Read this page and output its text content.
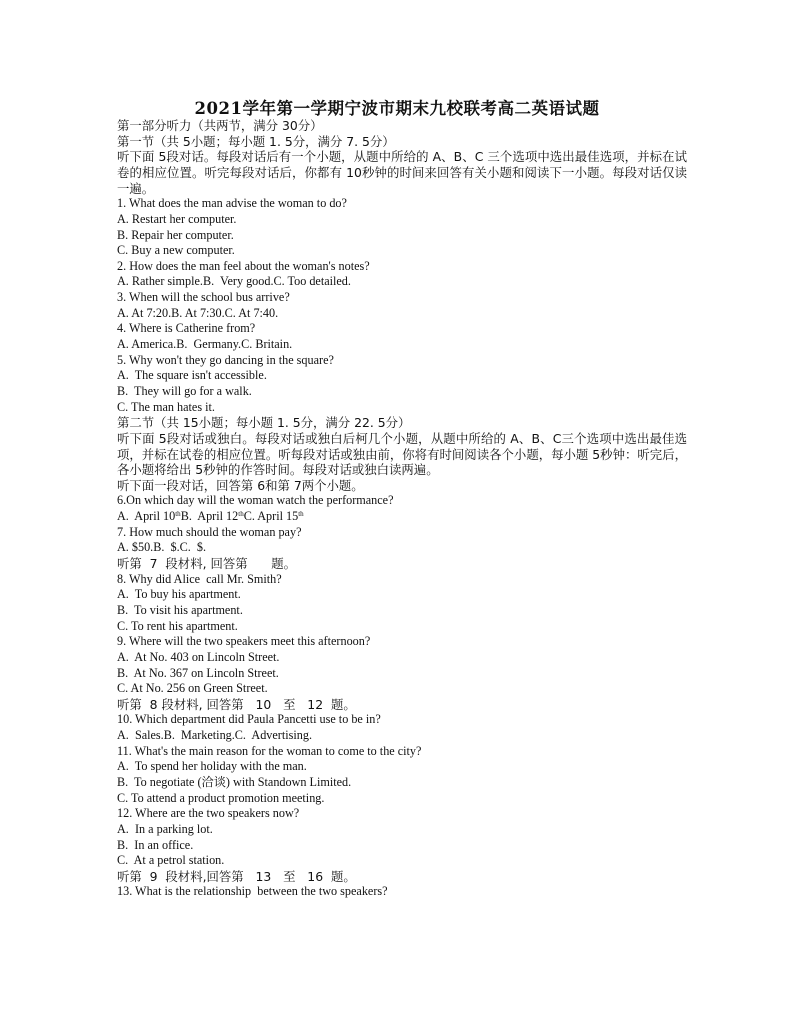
2021学年第一学期宁波市期末九校联考高二英语试题
第一部分听力（共两节，满分 30分）
第一节（共 5小题；每小题 1. 5分，满分 7. 5分）
听下面 5段对话。每段对话后有一个小题，从题中所给的 A、B、C 三个选项中选出最佳选项，并标在试卷的相应位置。听完每段对话后，你都有 10秒钟的时间来回答有关小题和阅读下一小题。每段对话仅读一遍。
1. What does the man advise the woman to do?
A. Restart her computer.
B. Repair her computer.
C. Buy a new computer.
2. How does the man feel about the woman's notes?
A. Rather simple.B.  Very good.C. Too detailed.
3. When will the school bus arrive?
A. At 7:20.B. At 7:30.C. At 7:40.
4. Where is Catherine from?
A. America.B.  Germany.C. Britain.
5. Why won't they go dancing in the square?
A.  The square isn't accessible.
B.  They will go for a walk.
C. The man hates it.
第二节（共 15小题；每小题 1. 5分，满分 22. 5分）
听下面 5段对话或独白。每段对话或独白后柯几个小题，从题中所给的 A、B、C三个选项中选出最佳选项，并标在试卷的相应位置。听每段对话或独由前，你将有时间阅读各个小题，每小题 5秒钟：听完后， 各小题将给出 5秒钟的作答时间。每段对话或独白读两遍。
听下面一段对话，回答第 6和第 7两个小题。
6.On which day will the woman watch the performance?
A.  April 10thB.  April 12thC. April 15th
7. How much should the woman pay?
A. $50.B.  $.C.  $.
听第  7  段材料, 回答第      题。
8. Why did Alice  call Mr. Smith?
A.  To buy his apartment.
B.  To visit his apartment.
C. To rent his apartment.
9. Where will the two speakers meet this afternoon?
A.  At No. 403 on Lincoln Street.
B.  At No. 367 on Lincoln Street.
C. At No. 256 on Green Street.
听第  8 段材料, 回答第   10   至   12  题。
10. Which department did Paula Pancetti use to be in?
A.  Sales.B.  Marketing.C.  Advertising.
11. What's the main reason for the woman to come to the city?
A.  To spend her holiday with the man.
B.  To negotiate (洽谈) with Standown Limited.
C. To attend a product promotion meeting.
12. Where are the two speakers now?
A.  In a parking lot.
B.  In an office.
C.  At a petrol station.
听第  9  段材料,回答第   13   至   16  题。
13. What is the relationship  between the two speakers?
